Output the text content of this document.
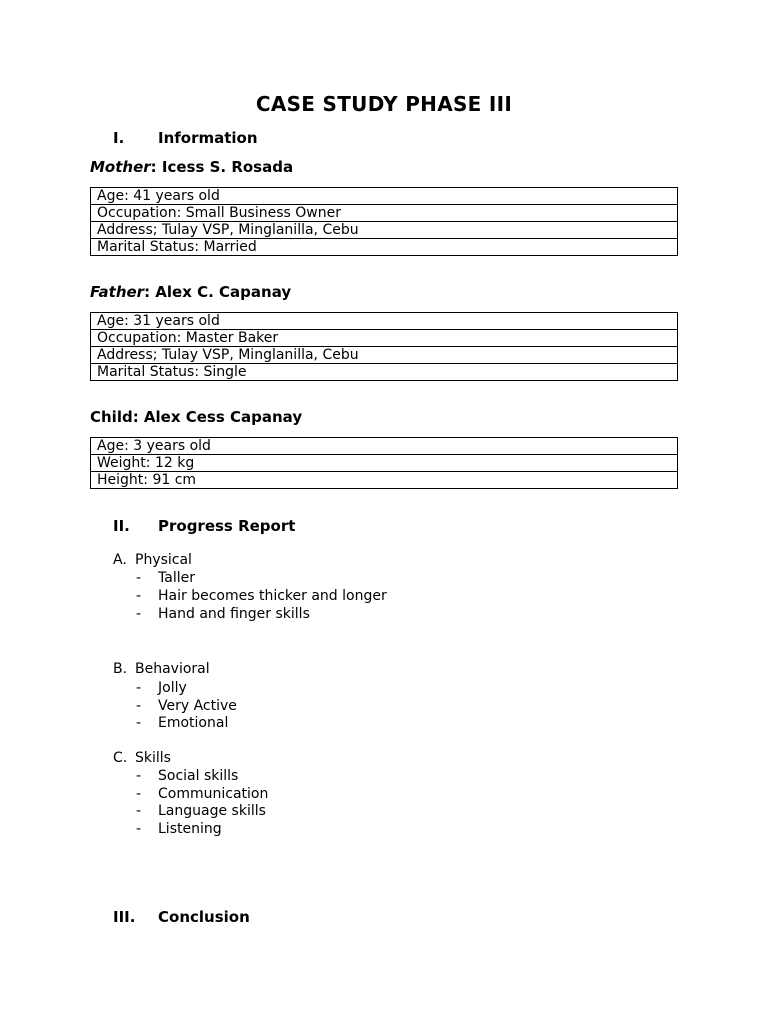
CASE STUDY PHASE III
I. Information
Mother: Icess S. Rosada
Age: 41 years old
Occupation: Small Business Owner
Address; Tulay VSP, Minglanilla, Cebu
Marital Status: Married
Father: Alex C. Capanay
Age: 31 years old
Occupation: Master Baker
Address; Tulay VSP, Minglanilla, Cebu
Marital Status: Single
Child: Alex Cess Capanay
Age: 3 years old
Weight: 12 kg
Height: 91 cm
II. Progress Report
A. Physical
- Taller
- Hair becomes thicker and longer
- Hand and finger skills
B. Behavioral
- Jolly
- Very Active
- Emotional
C. Skills
- Social skills
- Communication
- Language skills
- Listening
III. Conclusion
